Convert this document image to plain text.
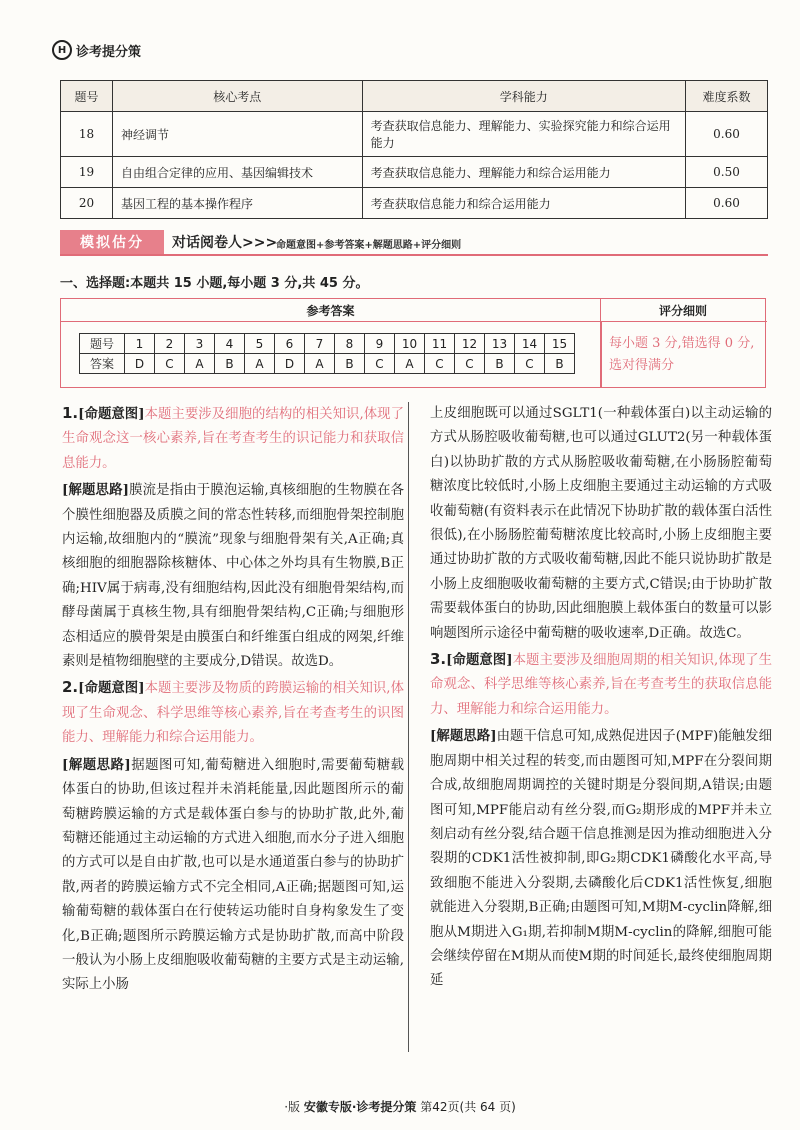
H 诊考提分策
题号	核心考点	学科能力	难度系数
18	神经调节	考查获取信息能力、理解能力、实验探究能力和综合运用能力	0.60
19	自由组合定律的应用、基因编辑技术	考查获取信息能力、理解能力和综合运用能力	0.50
20	基因工程的基本操作程序	考查获取信息能力和综合运用能力	0.60
模拟估分	对话阅卷人>>>
命题意图+参考答案+解题思路+评分细则
一、选择题:本题共 15 小题,每小题 3 分,共 45 分。
参考答案	评分细则
题号	1	2	3	4	5	6	7	8	9	10	11	12	13	14	15
答案	D	C	A	B	A	D	A	B	C	A	C	C	B	C	B
每小题 3 分,错选得 0 分,选对得满分

1.[命题意图]本题主要涉及细胞的结构的相关知识,体现了生命观念这一核心素养,旨在考查考生的识记能力和获取信息能力。

[解题思路]膜流是指由于膜泡运输,真核细胞的生物膜在各个膜性细胞器及质膜之间的常态性转移,而细胞骨架控制胞内运输,故细胞内的“膜流”现象与细胞骨架有关,A正确;真核细胞的细胞器除核糖体、中心体之外均具有生物膜,B正确;HIV属于病毒,没有细胞结构,因此没有细胞骨架结构,而酵母菌属于真核生物,具有细胞骨架结构,C正确;与细胞形态相适应的膜骨架是由膜蛋白和纤维蛋白组成的网架,纤维素则是植物细胞壁的主要成分,D错误。故选D。

2.[命题意图]本题主要涉及物质的跨膜运输的相关知识,体现了生命观念、科学思维等核心素养,旨在考查考生的识图能力、理解能力和综合运用能力。

[解题思路]据题图可知,葡萄糖进入细胞时,需要葡萄糖载体蛋白的协助,但该过程并未消耗能量,因此题图所示的葡萄糖跨膜运输的方式是载体蛋白参与的协助扩散,此外,葡萄糖还能通过主动运输的方式进入细胞,而水分子进入细胞的方式可以是自由扩散,也可以是水通道蛋白参与的协助扩散,两者的跨膜运输方式不完全相同,A正确;据题图可知,运输葡萄糖的载体蛋白在行使转运功能时自身构象发生了变化,B正确;题图所示跨膜运输方式是协助扩散,而高中阶段一般认为小肠上皮细胞吸收葡萄糖的主要方式是主动运输,实际上小肠

上皮细胞既可以通过SGLT1(一种载体蛋白)以主动运输的方式从肠腔吸收葡萄糖,也可以通过GLUT2(另一种载体蛋白)以协助扩散的方式从肠腔吸收葡萄糖,在小肠肠腔葡萄糖浓度比较低时,小肠上皮细胞主要通过主动运输的方式吸收葡萄糖(有资料表示在此情况下协助扩散的载体蛋白活性很低),在小肠肠腔葡萄糖浓度比较高时,小肠上皮细胞主要通过协助扩散的方式吸收葡萄糖,因此不能只说协助扩散是小肠上皮细胞吸收葡萄糖的主要方式,C错误;由于协助扩散需要载体蛋白的协助,因此细胞膜上载体蛋白的数量可以影响题图所示途径中葡萄糖的吸收速率,D正确。故选C。

3.[命题意图]本题主要涉及细胞周期的相关知识,体现了生命观念、科学思维等核心素养,旨在考查考生的获取信息能力、理解能力和综合运用能力。

[解题思路]由题干信息可知,成熟促进因子(MPF)能触发细胞周期中相关过程的转变,而由题图可知,MPF在分裂间期合成,故细胞周期调控的关键时期是分裂间期,A错误;由题图可知,MPF能启动有丝分裂,而G₂期形成的MPF并未立刻启动有丝分裂,结合题干信息推测是因为推动细胞进入分裂期的CDK1活性被抑制,即G₂期CDK1磷酸化水平高,导致细胞不能进入分裂期,去磷酸化后CDK1活性恢复,细胞就能进入分裂期,B正确;由题图可知,M期M-cyclin降解,细胞从M期进入G₁期,若抑制M期M-cyclin的降解,细胞可能会继续停留在M期从而使M期的时间延长,最终使细胞周期延

·版 安徽专版·诊考提分策 第42页(共 64 页)
